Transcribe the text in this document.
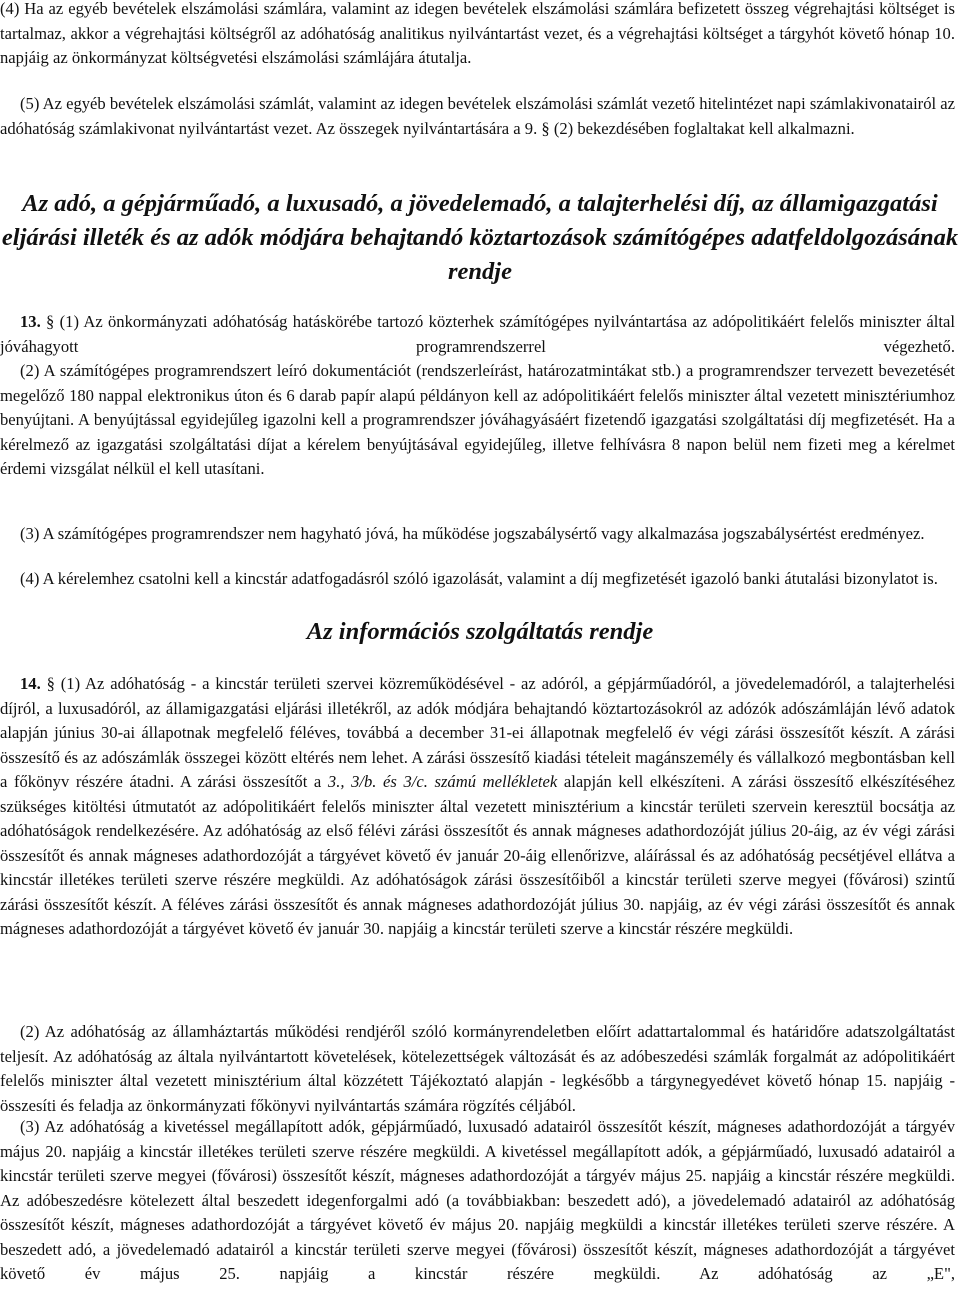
(4) Ha az egyéb bevételek elszámolási számlára, valamint az idegen bevételek elszámolási számlára befizetett összeg végrehajtási költséget is tartalmaz, akkor a végrehajtási költségről az adóhatóság analitikus nyilvántartást vezet, és a végrehajtási költséget a tárgyhót követő hónap 10. napjáig az önkormányzat költségvetési elszámolási számlájára átutalja.

(5) Az egyéb bevételek elszámolási számlát, valamint az idegen bevételek elszámolási számlát vezető hitelintézet napi számlakivonatairól az adóhatóság számlakivonat nyilvántartást vezet. Az összegek nyilvántartására a 9. § (2) bekezdésében foglaltakat kell alkalmazni.

Az adó, a gépjárműadó, a luxusadó, a jövedelemadó, a talajterhelési díj, az államigazgatási eljárási illeték és az adók módjára behajtandó köztartozások számítógépes adatfeldolgozásának rendje

13. § (1) Az önkormányzati adóhatóság hatáskörébe tartozó közterhek számítógépes nyilvántartása az adópolitikáért felelős miniszter által jóváhagyott programrendszerrel végezhető.

(2) A számítógépes programrendszert leíró dokumentációt (rendszerleírást, határozatmintákat stb.) a programrendszer tervezett bevezetését megelőző 180 nappal elektronikus úton és 6 darab papír alapú példányon kell az adópolitikáért felelős miniszter által vezetett minisztériumhoz benyújtani. A benyújtással egyidejűleg igazolni kell a programrendszer jóváhagyásáért fizetendő igazgatási szolgáltatási díj megfizetését. Ha a kérelmező az igazgatási szolgáltatási díjat a kérelem benyújtásával egyidejűleg, illetve felhívásra 8 napon belül nem fizeti meg a kérelmet érdemi vizsgálat nélkül el kell utasítani.

(3) A számítógépes programrendszer nem hagyható jóvá, ha működése jogszabálysértő vagy alkalmazása jogszabálysértést eredményez.

(4) A kérelemhez csatolni kell a kincstár adatfogadásról szóló igazolását, valamint a díj megfizetését igazoló banki átutalási bizonylatot is.

Az információs szolgáltatás rendje

14. § (1) Az adóhatóság - a kincstár területi szervei közreműködésével - az adóról, a gépjárműadóról, a jövedelemadóról, a talajterhelési díjról, a luxusadóról, az államigazgatási eljárási illetékről, az adók módjára behajtandó köztartozásokról az adózók adószámláján lévő adatok alapján június 30-ai állapotnak megfelelő féléves, továbbá a december 31-ei állapotnak megfelelő év végi zárási összesítőt készít. A zárási összesítő és az adószámlák összegei között eltérés nem lehet. A zárási összesítő kiadási tételeit magánszemély és vállalkozó megbontásban kell a főkönyv részére átadni. A zárási összesítőt a 3., 3/b. és 3/c. számú mellékletek alapján kell elkészíteni. A zárási összesítő elkészítéséhez szükséges kitöltési útmutatót az adópolitikáért felelős miniszter által vezetett minisztérium a kincstár területi szervein keresztül bocsátja az adóhatóságok rendelkezésére. Az adóhatóság az első félévi zárási összesítőt és annak mágneses adathordozóját július 20-áig, az év végi zárási összesítőt és annak mágneses adathordozóját a tárgyévet követő év január 20-áig ellenőrizve, aláírással és az adóhatóság pecsétjével ellátva a kincstár illetékes területi szerve részére megküldi. Az adóhatóságok zárási összesítőiből a kincstár területi szerve megyei (fővárosi) szintű zárási összesítőt készít. A féléves zárási összesítőt és annak mágneses adathordozóját július 30. napjáig, az év végi zárási összesítőt és annak mágneses adathordozóját a tárgyévet követő év január 30. napjáig a kincstár területi szerve a kincstár részére megküldi.

(2) Az adóhatóság az államháztartás működési rendjéről szóló kormányrendeletben előírt adattartalommal és határidőre adatszolgáltatást teljesít. Az adóhatóság az általa nyilvántartott követelések, kötelezettségek változását és az adóbeszedési számlák forgalmát az adópolitikáért felelős miniszter által vezetett minisztérium által közzétett Tájékoztató alapján - legkésőbb a tárgynegyedévet követő hónap 15. napjáig - összesíti és feladja az önkormányzati főkönyvi nyilvántartás számára rögzítés céljából.

(3) Az adóhatóság a kivetéssel megállapított adók, gépjárműadó, luxusadó adatairól összesítőt készít, mágneses adathordozóját a tárgyév május 20. napjáig a kincstár illetékes területi szerve részére megküldi. A kivetéssel megállapított adók, a gépjárműadó, luxusadó adatairól a kincstár területi szerve megyei (fővárosi) összesítőt készít, mágneses adathordozóját a tárgyév május 25. napjáig a kincstár részére megküldi. Az adóbeszedésre kötelezett által beszedett idegenforgalmi adó (a továbbiakban: beszedett adó), a jövedelemadó adatairól az adóhatóság összesítőt készít, mágneses adathordozóját a tárgyévet követő év május 20. napjáig megküldi a kincstár illetékes területi szerve részére. A beszedett adó, a jövedelemadó adatairól a kincstár területi szerve megyei (fővárosi) összesítőt készít, mágneses adathordozóját a tárgyévet követő év május 25. napjáig a kincstár részére megküldi. Az adóhatóság az „E",
